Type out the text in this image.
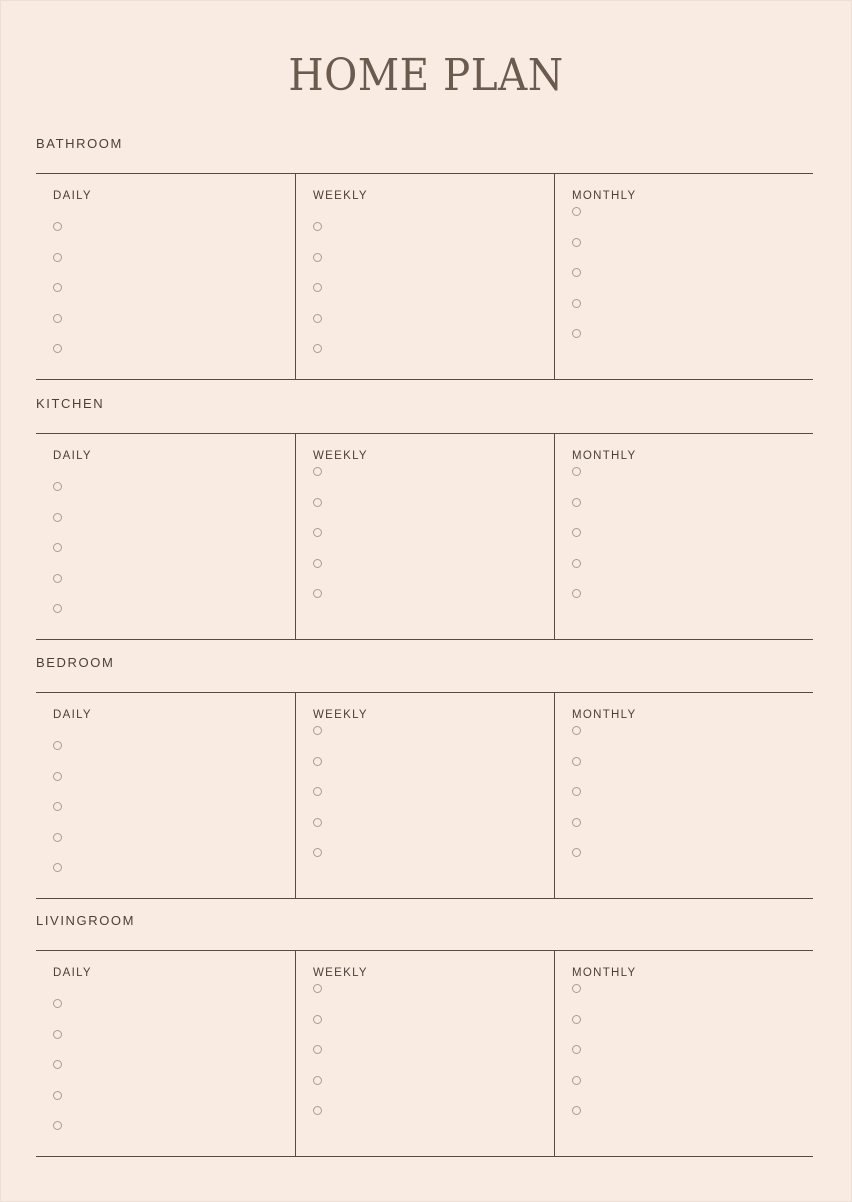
HOME PLAN
BATHROOM
DAILY	WEEKLY	MONTHLY
KITCHEN
DAILY	WEEKLY	MONTHLY
BEDROOM
DAILY	WEEKLY	MONTHLY
LIVINGROOM
DAILY	WEEKLY	MONTHLY
